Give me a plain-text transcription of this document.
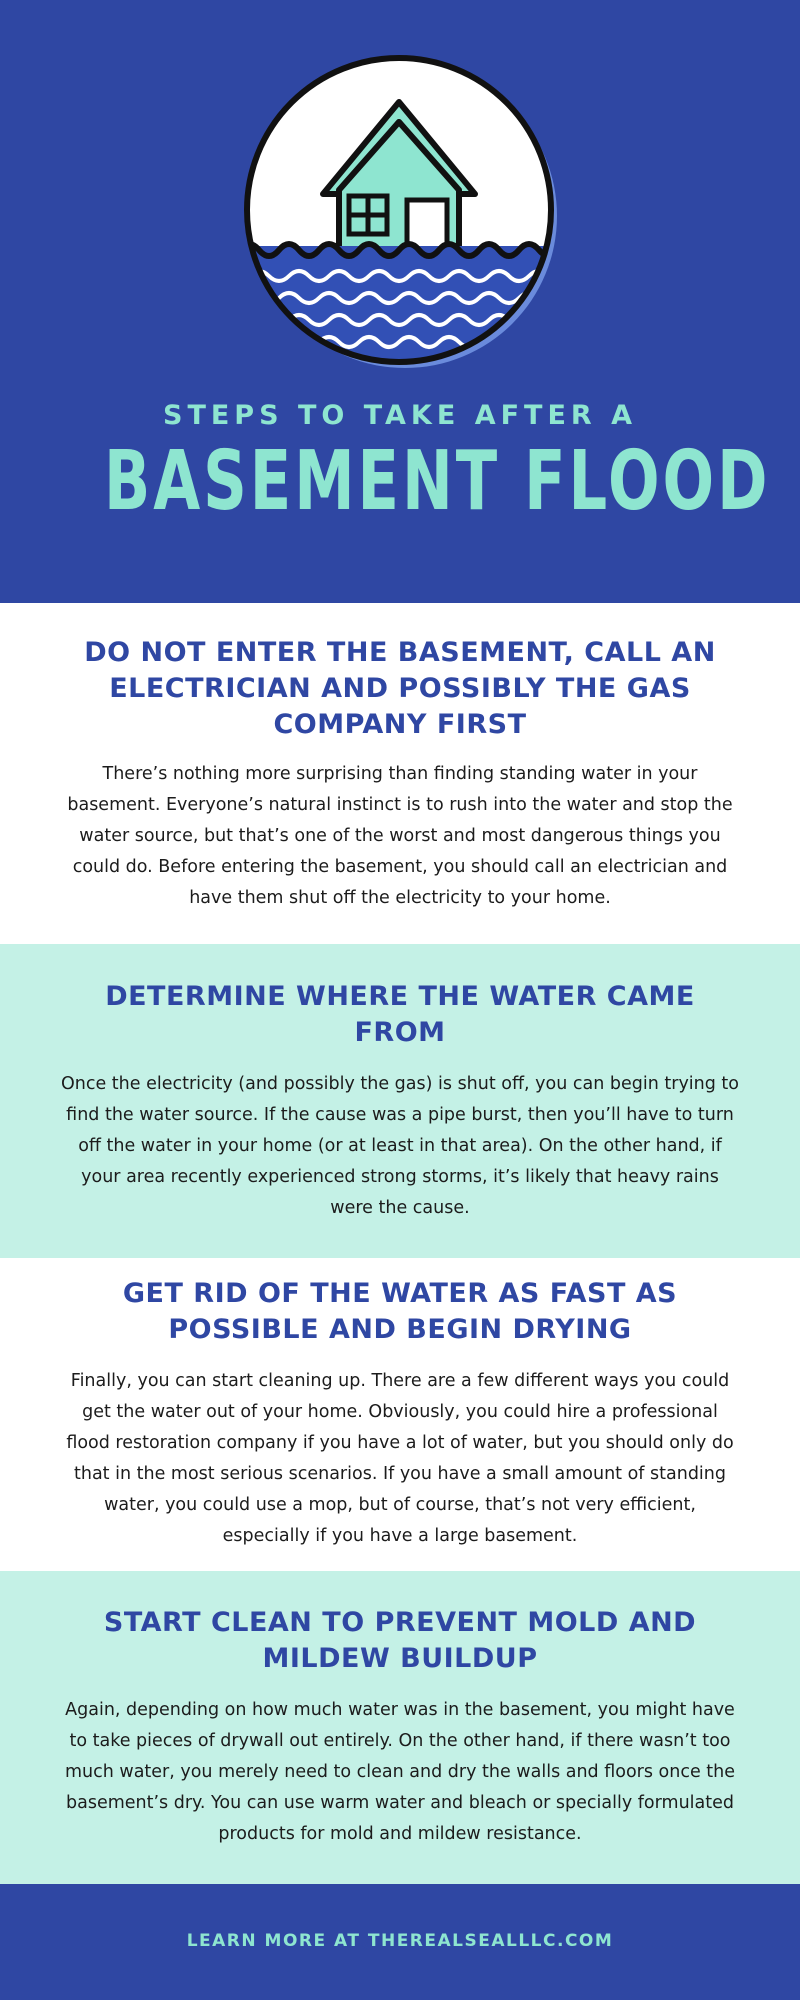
STEPS TO TAKE AFTER A
BASEMENT FLOOD
DO NOT ENTER THE BASEMENT, CALL AN ELECTRICIAN AND POSSIBLY THE GAS COMPANY FIRST

There’s nothing more surprising than finding standing water in your basement. Everyone’s natural instinct is to rush into the water and stop the water source, but that’s one of the worst and most dangerous things you could do. Before entering the basement, you should call an electrician and have them shut off the electricity to your home.

DETERMINE WHERE THE WATER CAME FROM

Once the electricity (and possibly the gas) is shut off, you can begin trying to find the water source. If the cause was a pipe burst, then you’ll have to turn off the water in your home (or at least in that area). On the other hand, if your area recently experienced strong storms, it’s likely that heavy rains were the cause.

GET RID OF THE WATER AS FAST AS POSSIBLE AND BEGIN DRYING

Finally, you can start cleaning up. There are a few different ways you could get the water out of your home. Obviously, you could hire a professional flood restoration company if you have a lot of water, but you should only do that in the most serious scenarios. If you have a small amount of standing water, you could use a mop, but of course, that’s not very efficient, especially if you have a large basement.

START CLEAN TO PREVENT MOLD AND MILDEW BUILDUP

Again, depending on how much water was in the basement, you might have to take pieces of drywall out entirely. On the other hand, if there wasn’t too much water, you merely need to clean and dry the walls and floors once the basement’s dry. You can use warm water and bleach or specially formulated products for mold and mildew resistance.

LEARN MORE AT THEREALSEALLLC.COM
